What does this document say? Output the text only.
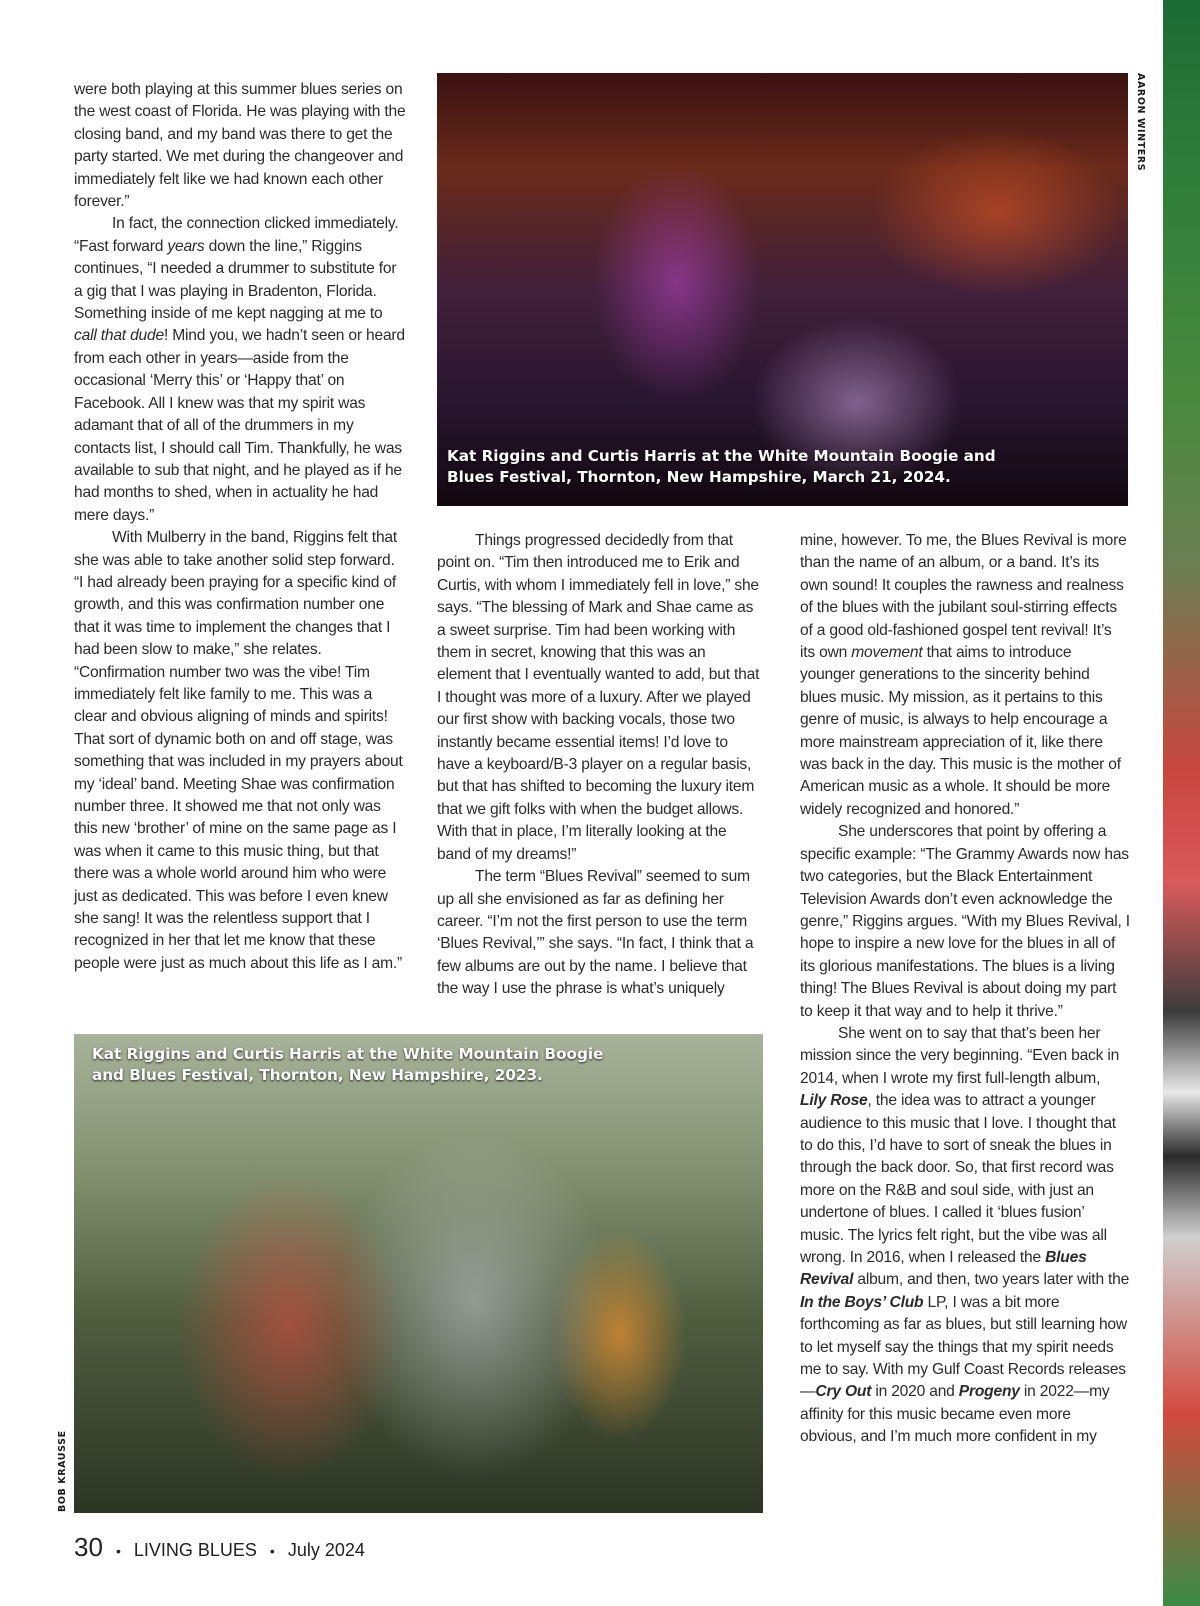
were both playing at this summer blues series on the west coast of Florida. He was playing with the closing band, and my band was there to get the party started. We met during the changeover and immediately felt like we had known each other forever.”

In fact, the connection clicked immediately. “Fast forward years down the line,” Riggins continues, “I needed a drummer to substitute for a gig that I was playing in Bradenton, Florida. Something inside of me kept nagging at me to call that dude! Mind you, we hadn’t seen or heard from each other in years—aside from the occasional ‘Merry this’ or ‘Happy that’ on Facebook. All I knew was that my spirit was adamant that of all of the drummers in my contacts list, I should call Tim. Thankfully, he was available to sub that night, and he played as if he had months to shed, when in actuality he had mere days.”

With Mulberry in the band, Riggins felt that she was able to take another solid step forward. “I had already been praying for a specific kind of growth, and this was confirmation number one that it was time to implement the changes that I had been slow to make,” she relates. “Confirmation number two was the vibe! Tim immediately felt like family to me. This was a clear and obvious aligning of minds and spirits! That sort of dynamic both on and off stage, was something that was included in my prayers about my ‘ideal’ band. Meeting Shae was confirmation number three. It showed me that not only was this new ‘brother’ of mine on the same page as I was when it came to this music thing, but that there was a whole world around him who were just as dedicated. This was before I even knew she sang! It was the relentless support that I recognized in her that let me know that these people were just as much about this life as I am.”

Kat Riggins and Curtis Harris at the White Mountain Boogie and Blues Festival, Thornton, New Hampshire, March 21, 2024.
AARON WINTERS

Things progressed decidedly from that point on. “Tim then introduced me to Erik and Curtis, with whom I immediately fell in love,” she says. “The blessing of Mark and Shae came as a sweet surprise. Tim had been working with them in secret, knowing that this was an element that I eventually wanted to add, but that I thought was more of a luxury. After we played our first show with backing vocals, those two instantly became essential items! I’d love to have a keyboard/B-3 player on a regular basis, but that has shifted to becoming the luxury item that we gift folks with when the budget allows. With that in place, I’m literally looking at the band of my dreams!”

The term “Blues Revival” seemed to sum up all she envisioned as far as defining her career. “I’m not the first person to use the term ‘Blues Revival,’” she says. “In fact, I think that a few albums are out by the name. I believe that the way I use the phrase is what’s uniquely

mine, however. To me, the Blues Revival is more than the name of an album, or a band. It’s its own sound! It couples the rawness and realness of the blues with the jubilant soul-stirring effects of a good old-fashioned gospel tent revival! It’s its own movement that aims to introduce younger generations to the sincerity behind blues music. My mission, as it pertains to this genre of music, is always to help encourage a more mainstream appreciation of it, like there was back in the day. This music is the mother of American music as a whole. It should be more widely recognized and honored.”

She underscores that point by offering a specific example: “The Grammy Awards now has two categories, but the Black Entertainment Television Awards don’t even acknowledge the genre,” Riggins argues. “With my Blues Revival, I hope to inspire a new love for the blues in all of its glorious manifestations. The blues is a living thing! The Blues Revival is about doing my part to keep it that way and to help it thrive.”

She went on to say that that’s been her mission since the very beginning. “Even back in 2014, when I wrote my first full-length album, Lily Rose, the idea was to attract a younger audience to this music that I love. I thought that to do this, I’d have to sort of sneak the blues in through the back door. So, that first record was more on the R&B and soul side, with just an undertone of blues. I called it ‘blues fusion’ music. The lyrics felt right, but the vibe was all wrong. In 2016, when I released the Blues Revival album, and then, two years later with the In the Boys’ Club LP, I was a bit more forthcoming as far as blues, but still learning how to let myself say the things that my spirit needs me to say. With my Gulf Coast Records releases—Cry Out in 2020 and Progeny in 2022—my affinity for this music became even more obvious, and I’m much more confident in my

Kat Riggins and Curtis Harris at the White Mountain Boogie and Blues Festival, Thornton, New Hampshire, 2023.
BOB KRAUSSE
30 • LIVING BLUES • July 2024
